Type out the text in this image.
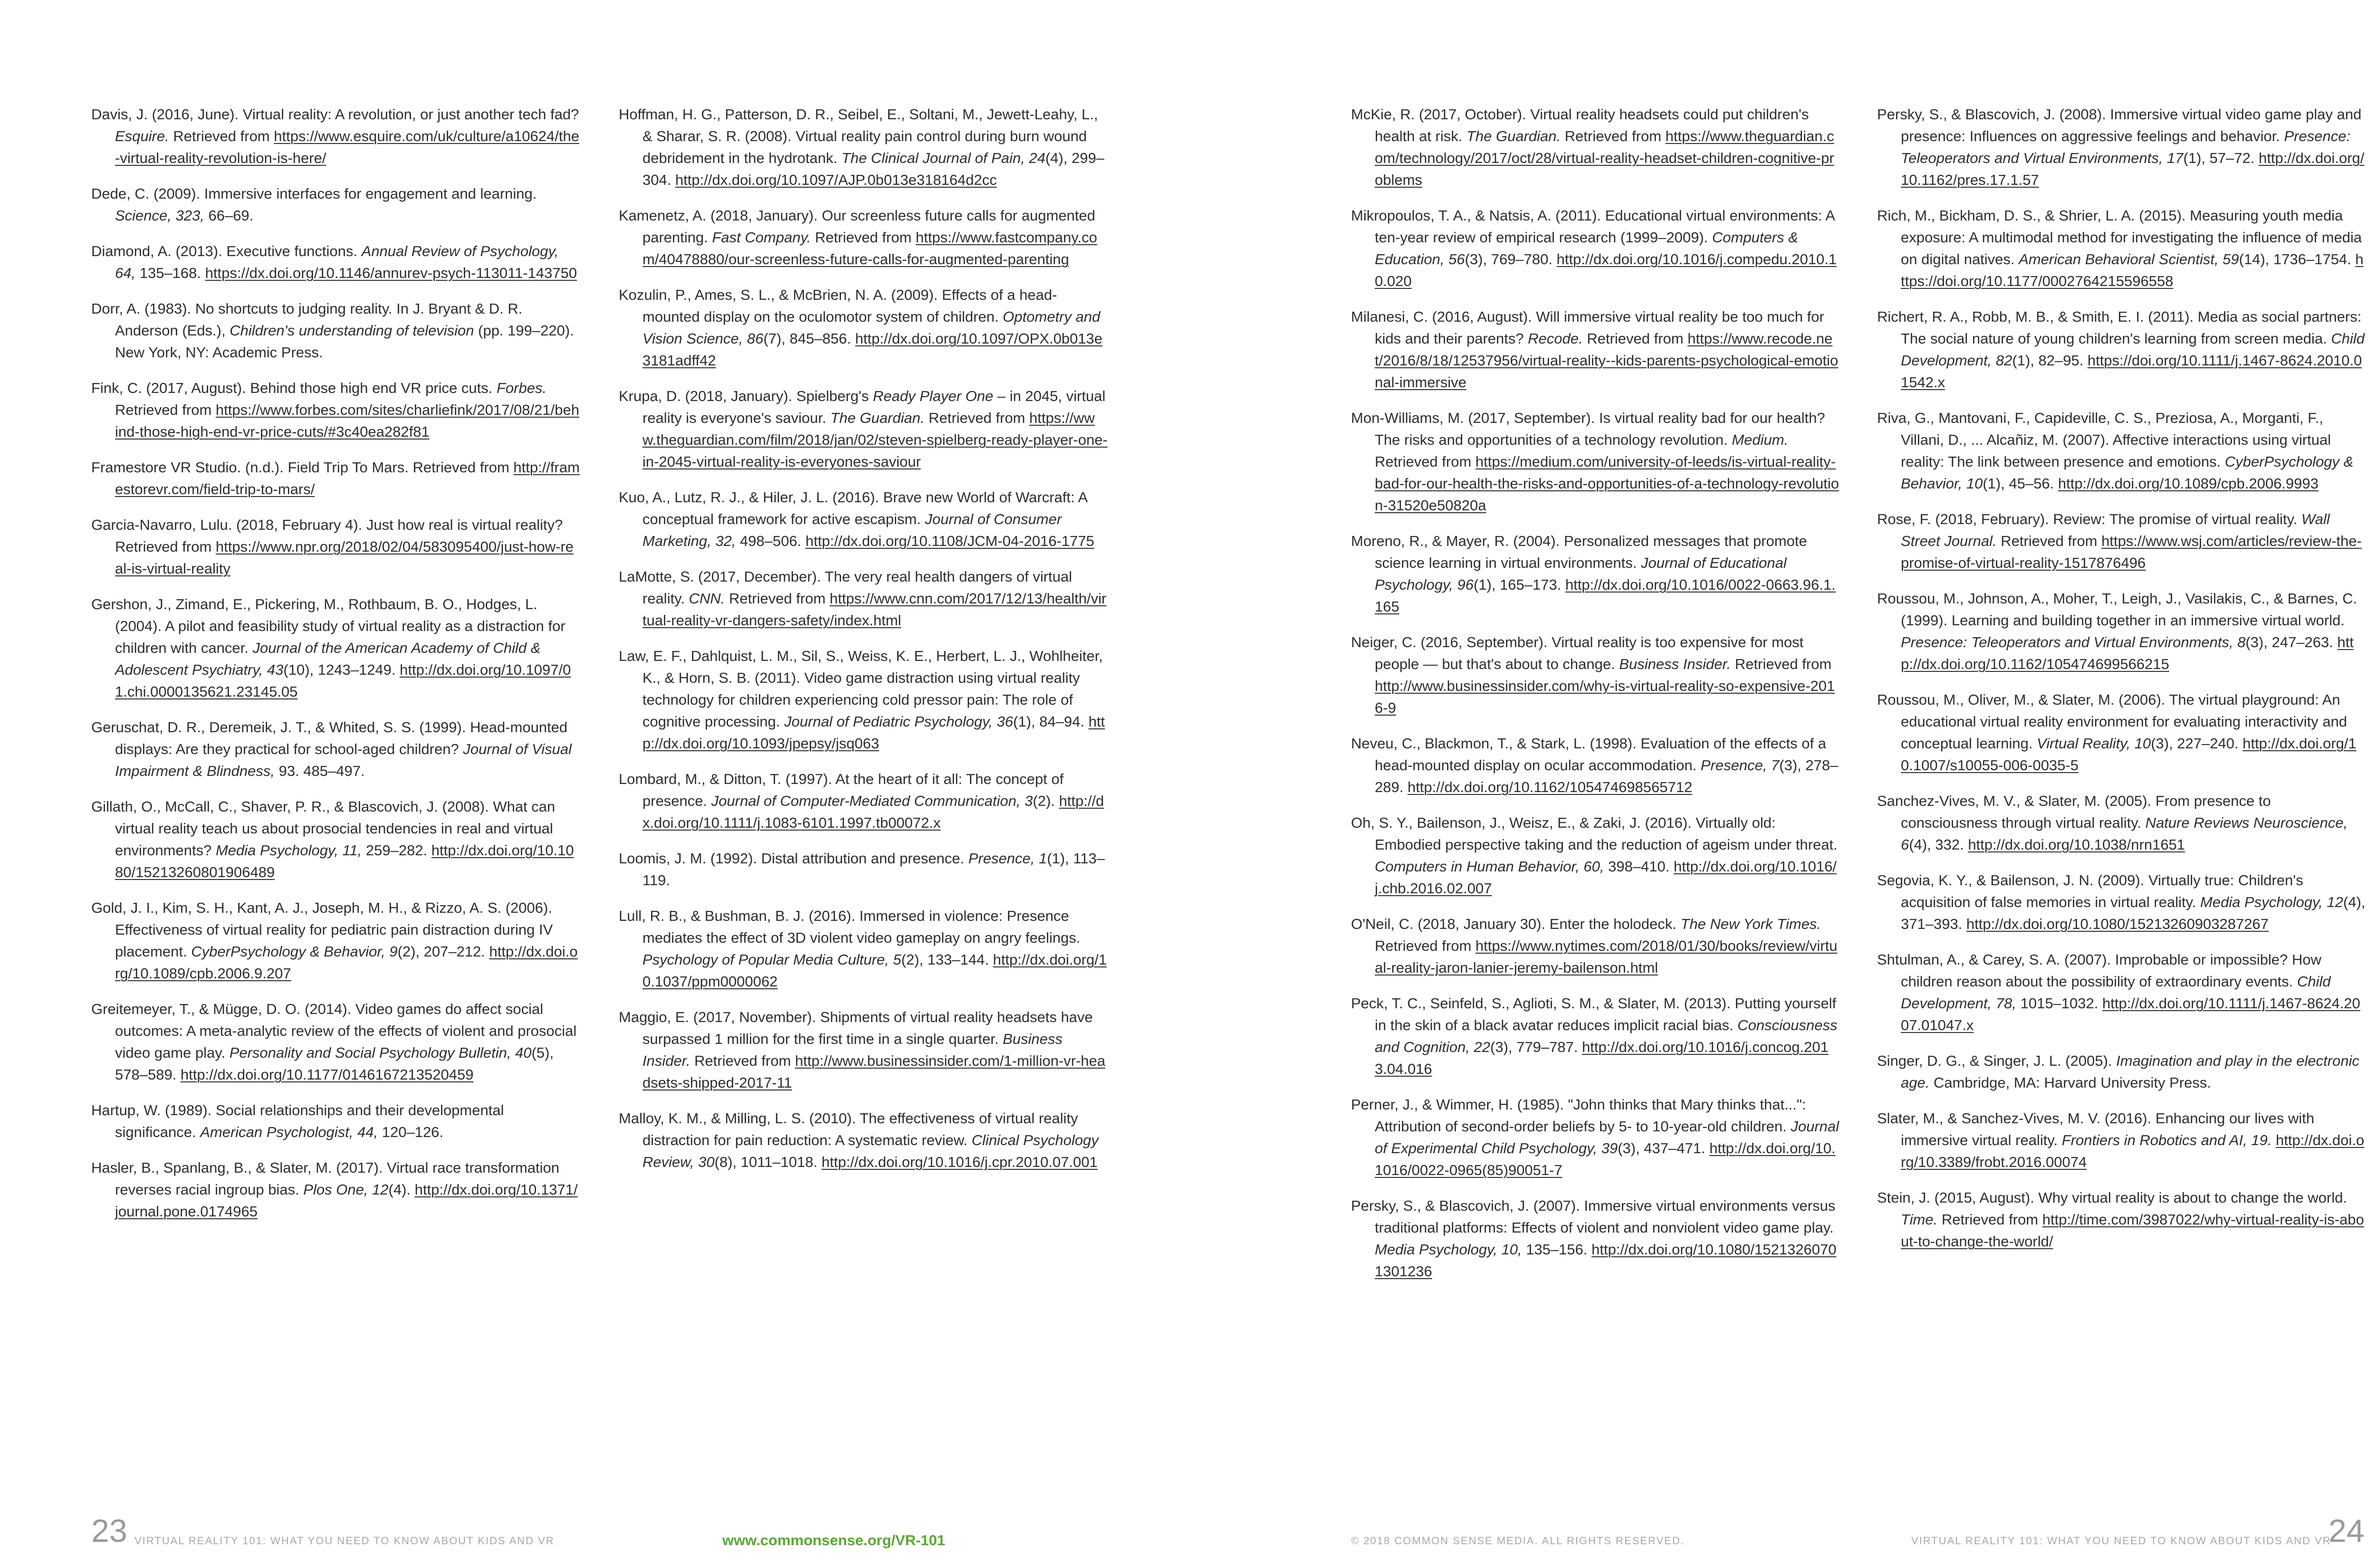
Davis, J. (2016, June). Virtual reality: A revolution, or just another tech fad? Esquire. Retrieved from https://www.esquire.com/uk/culture/a10624/the-virtual-reality-revolution-is-here/

Dede, C. (2009). Immersive interfaces for engagement and learning. Science, 323, 66–69.

Diamond, A. (2013). Executive functions. Annual Review of Psychology, 64, 135–168. https://dx.doi.org/10.1146/annurev-psych-113011-143750

Dorr, A. (1983). No shortcuts to judging reality. In J. Bryant & D. R. Anderson (Eds.), Children's understanding of television (pp. 199–220). New York, NY: Academic Press.

Fink, C. (2017, August). Behind those high end VR price cuts. Forbes. Retrieved from https://www.forbes.com/sites/charliefink/2017/08/21/behind-those-high-end-vr-price-cuts/#3c40ea282f81

Framestore VR Studio. (n.d.). Field Trip To Mars. Retrieved from http://framestorevr.com/field-trip-to-mars/

Garcia-Navarro, Lulu. (2018, February 4). Just how real is virtual reality? Retrieved from https://www.npr.org/2018/02/04/583095400/just-how-real-is-virtual-reality

Gershon, J., Zimand, E., Pickering, M., Rothbaum, B. O., Hodges, L. (2004). A pilot and feasibility study of virtual reality as a distraction for children with cancer. Journal of the American Academy of Child & Adolescent Psychiatry, 43(10), 1243–1249. http://dx.doi.org/10.1097/01.chi.0000135621.23145.05

Geruschat, D. R., Deremeik, J. T., & Whited, S. S. (1999). Head-mounted displays: Are they practical for school-aged children? Journal of Visual Impairment & Blindness, 93. 485–497.

Gillath, O., McCall, C., Shaver, P. R., & Blascovich, J. (2008). What can virtual reality teach us about prosocial tendencies in real and virtual environments? Media Psychology, 11, 259–282. http://dx.doi.org/10.1080/15213260801906489

Gold, J. I., Kim, S. H., Kant, A. J., Joseph, M. H., & Rizzo, A. S. (2006). Effectiveness of virtual reality for pediatric pain distraction during IV placement. CyberPsychology & Behavior, 9(2), 207–212. http://dx.doi.org/10.1089/cpb.2006.9.207

Greitemeyer, T., & Mügge, D. O. (2014). Video games do affect social outcomes: A meta-analytic review of the effects of violent and prosocial video game play. Personality and Social Psychology Bulletin, 40(5), 578–589. http://dx.doi.org/10.1177/0146167213520459

Hartup, W. (1989). Social relationships and their developmental significance. American Psychologist, 44, 120–126.

Hasler, B., Spanlang, B., & Slater, M. (2017). Virtual race transformation reverses racial ingroup bias. Plos One, 12(4). http://dx.doi.org/10.1371/journal.pone.0174965

Hoffman, H. G., Patterson, D. R., Seibel, E., Soltani, M., Jewett-Leahy, L., & Sharar, S. R. (2008). Virtual reality pain control during burn wound debridement in the hydrotank. The Clinical Journal of Pain, 24(4), 299–304. http://dx.doi.org/10.1097/AJP.0b013e318164d2cc

Kamenetz, A. (2018, January). Our screenless future calls for augmented parenting. Fast Company. Retrieved from https://www.fastcompany.com/40478880/our-screenless-future-calls-for-augmented-parenting

Kozulin, P., Ames, S. L., & McBrien, N. A. (2009). Effects of a head-mounted display on the oculomotor system of children. Optometry and Vision Science, 86(7), 845–856. http://dx.doi.org/10.1097/OPX.0b013e3181adff42

Krupa, D. (2018, January). Spielberg's Ready Player One – in 2045, virtual reality is everyone's saviour. The Guardian. Retrieved from https://www.theguardian.com/film/2018/jan/02/steven-spielberg-ready-player-one-in-2045-virtual-reality-is-everyones-saviour

Kuo, A., Lutz, R. J., & Hiler, J. L. (2016). Brave new World of Warcraft: A conceptual framework for active escapism. Journal of Consumer Marketing, 32, 498–506. http://dx.doi.org/10.1108/JCM-04-2016-1775

LaMotte, S. (2017, December). The very real health dangers of virtual reality. CNN. Retrieved from https://www.cnn.com/2017/12/13/health/virtual-reality-vr-dangers-safety/index.html

Law, E. F., Dahlquist, L. M., Sil, S., Weiss, K. E., Herbert, L. J., Wohlheiter, K., & Horn, S. B. (2011). Video game distraction using virtual reality technology for children experiencing cold pressor pain: The role of cognitive processing. Journal of Pediatric Psychology, 36(1), 84–94. http://dx.doi.org/10.1093/jpepsy/jsq063

Lombard, M., & Ditton, T. (1997). At the heart of it all: The concept of presence. Journal of Computer-Mediated Communication, 3(2). http://dx.doi.org/10.1111/j.1083-6101.1997.tb00072.x

Loomis, J. M. (1992). Distal attribution and presence. Presence, 1(1), 113–119.

Lull, R. B., & Bushman, B. J. (2016). Immersed in violence: Presence mediates the effect of 3D violent video gameplay on angry feelings. Psychology of Popular Media Culture, 5(2), 133–144. http://dx.doi.org/10.1037/ppm0000062

Maggio, E. (2017, November). Shipments of virtual reality headsets have surpassed 1 million for the first time in a single quarter. Business Insider. Retrieved from http://www.businessinsider.com/1-million-vr-headsets-shipped-2017-11

Malloy, K. M., & Milling, L. S. (2010). The effectiveness of virtual reality distraction for pain reduction: A systematic review. Clinical Psychology Review, 30(8), 1011–1018. http://dx.doi.org/10.1016/j.cpr.2010.07.001

McKie, R. (2017, October). Virtual reality headsets could put children's health at risk. The Guardian. Retrieved from https://www.theguardian.com/technology/2017/oct/28/virtual-reality-headset-children-cognitive-problems

Mikropoulos, T. A., & Natsis, A. (2011). Educational virtual environments: A ten-year review of empirical research (1999–2009). Computers & Education, 56(3), 769–780. http://dx.doi.org/10.1016/j.compedu.2010.10.020

Milanesi, C. (2016, August). Will immersive virtual reality be too much for kids and their parents? Recode. Retrieved from https://www.recode.net/2016/8/18/12537956/virtual-reality--kids-parents-psychological-emotional-immersive

Mon-Williams, M. (2017, September). Is virtual reality bad for our health? The risks and opportunities of a technology revolution. Medium. Retrieved from https://medium.com/university-of-leeds/is-virtual-reality-bad-for-our-health-the-risks-and-opportunities-of-a-technology-revolution-31520e50820a

Moreno, R., & Mayer, R. (2004). Personalized messages that promote science learning in virtual environments. Journal of Educational Psychology, 96(1), 165–173. http://dx.doi.org/10.1016/0022-0663.96.1.165

Neiger, C. (2016, September). Virtual reality is too expensive for most people — but that's about to change. Business Insider. Retrieved from http://www.businessinsider.com/why-is-virtual-reality-so-expensive-2016-9

Neveu, C., Blackmon, T., & Stark, L. (1998). Evaluation of the effects of a head-mounted display on ocular accommodation. Presence, 7(3), 278–289. http://dx.doi.org/10.1162/105474698565712

Oh, S. Y., Bailenson, J., Weisz, E., & Zaki, J. (2016). Virtually old: Embodied perspective taking and the reduction of ageism under threat. Computers in Human Behavior, 60, 398–410. http://dx.doi.org/10.1016/j.chb.2016.02.007

O'Neil, C. (2018, January 30). Enter the holodeck. The New York Times. Retrieved from https://www.nytimes.com/2018/01/30/books/review/virtual-reality-jaron-lanier-jeremy-bailenson.html

Peck, T. C., Seinfeld, S., Aglioti, S. M., & Slater, M. (2013). Putting yourself in the skin of a black avatar reduces implicit racial bias. Consciousness and Cognition, 22(3), 779–787. http://dx.doi.org/10.1016/j.concog.2013.04.016

Perner, J., & Wimmer, H. (1985). "John thinks that Mary thinks that...": Attribution of second-order beliefs by 5- to 10-year-old children. Journal of Experimental Child Psychology, 39(3), 437–471. http://dx.doi.org/10.1016/0022-0965(85)90051-7

Persky, S., & Blascovich, J. (2007). Immersive virtual environments versus traditional platforms: Effects of violent and nonviolent video game play. Media Psychology, 10, 135–156. http://dx.doi.org/10.1080/15213260701301236

Persky, S., & Blascovich, J. (2008). Immersive virtual video game play and presence: Influences on aggressive feelings and behavior. Presence: Teleoperators and Virtual Environments, 17(1), 57–72. http://dx.doi.org/10.1162/pres.17.1.57

Rich, M., Bickham, D. S., & Shrier, L. A. (2015). Measuring youth media exposure: A multimodal method for investigating the influence of media on digital natives. American Behavioral Scientist, 59(14), 1736–1754. https://doi.org/10.1177/0002764215596558

Richert, R. A., Robb, M. B., & Smith, E. I. (2011). Media as social partners: The social nature of young children's learning from screen media. Child Development, 82(1), 82–95. https://doi.org/10.1111/j.1467-8624.2010.01542.x

Riva, G., Mantovani, F., Capideville, C. S., Preziosa, A., Morganti, F., Villani, D., ... Alcañiz, M. (2007). Affective interactions using virtual reality: The link between presence and emotions. CyberPsychology & Behavior, 10(1), 45–56. http://dx.doi.org/10.1089/cpb.2006.9993

Rose, F. (2018, February). Review: The promise of virtual reality. Wall Street Journal. Retrieved from https://www.wsj.com/articles/review-the-promise-of-virtual-reality-1517876496

Roussou, M., Johnson, A., Moher, T., Leigh, J., Vasilakis, C., & Barnes, C. (1999). Learning and building together in an immersive virtual world. Presence: Teleoperators and Virtual Environments, 8(3), 247–263. http://dx.doi.org/10.1162/105474699566215

Roussou, M., Oliver, M., & Slater, M. (2006). The virtual playground: An educational virtual reality environment for evaluating interactivity and conceptual learning. Virtual Reality, 10(3), 227–240. http://dx.doi.org/10.1007/s10055-006-0035-5

Sanchez-Vives, M. V., & Slater, M. (2005). From presence to consciousness through virtual reality. Nature Reviews Neuroscience, 6(4), 332. http://dx.doi.org/10.1038/nrn1651

Segovia, K. Y., & Bailenson, J. N. (2009). Virtually true: Children's acquisition of false memories in virtual reality. Media Psychology, 12(4), 371–393. http://dx.doi.org/10.1080/15213260903287267

Shtulman, A., & Carey, S. A. (2007). Improbable or impossible? How children reason about the possibility of extraordinary events. Child Development, 78, 1015–1032. http://dx.doi.org/10.1111/j.1467-8624.2007.01047.x

Singer, D. G., & Singer, J. L. (2005). Imagination and play in the electronic age. Cambridge, MA: Harvard University Press.

Slater, M., & Sanchez-Vives, M. V. (2016). Enhancing our lives with immersive virtual reality. Frontiers in Robotics and AI, 19. http://dx.doi.org/10.3389/frobt.2016.00074

Stein, J. (2015, August). Why virtual reality is about to change the world. Time. Retrieved from http://time.com/3987022/why-virtual-reality-is-about-to-change-the-world/

23 VIRTUAL REALITY 101: WHAT YOU NEED TO KNOW ABOUT KIDS AND VR	www.commonsense.org/VR-101	© 2018 COMMON SENSE MEDIA. ALL RIGHTS RESERVED.	VIRTUAL REALITY 101: WHAT YOU NEED TO KNOW ABOUT KIDS AND VR
24
